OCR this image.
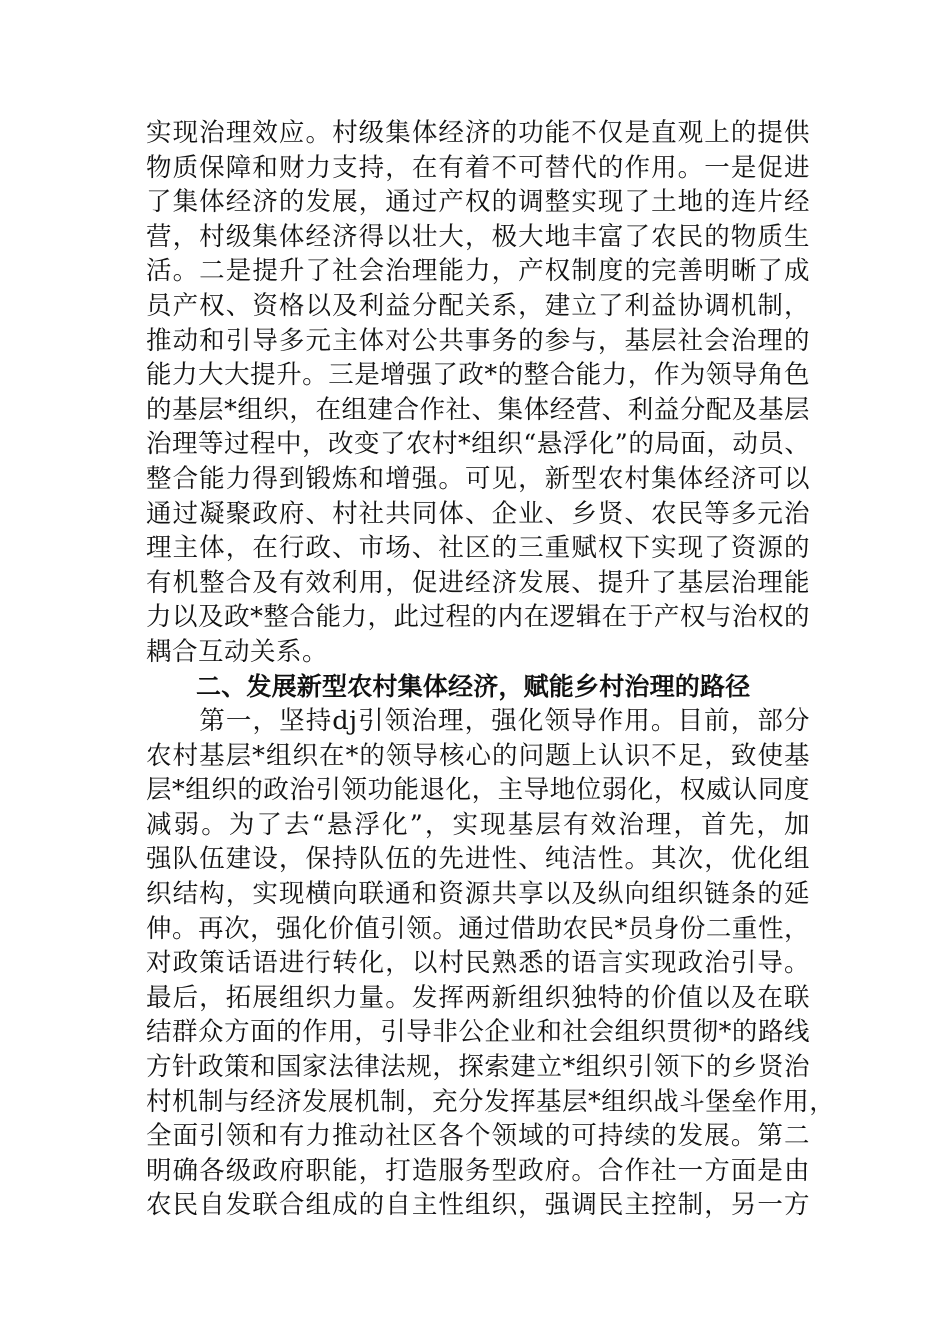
实现治理效应。村级集体经济的功能不仅是直观上的提供
物质保障和财力支持，在有着不可替代的作用。一是促进
了集体经济的发展，通过产权的调整实现了土地的连片经
营，村级集体经济得以壮大，极大地丰富了农民的物质生
活。二是提升了社会治理能力，产权制度的完善明晰了成
员产权、资格以及利益分配关系，建立了利益协调机制，
推动和引导多元主体对公共事务的参与，基层社会治理的
能力大大提升。三是增强了政*的整合能力，作为领导角色
的基层*组织，在组建合作社、集体经营、利益分配及基层
治理等过程中，改变了农村*组织“悬浮化”的局面，动员、
整合能力得到锻炼和增强。可见，新型农村集体经济可以
通过凝聚政府、村社共同体、企业、乡贤、农民等多元治
理主体，在行政、市场、社区的三重赋权下实现了资源的
有机整合及有效利用，促进经济发展、提升了基层治理能
力以及政*整合能力，此过程的内在逻辑在于产权与治权的
耦合互动关系。
二、发展新型农村集体经济，赋能乡村治理的路径
　　第一，坚持dj引领治理，强化领导作用。目前，部分
农村基层*组织在*的领导核心的问题上认识不足，致使基
层*组织的政治引领功能退化，主导地位弱化，权威认同度
减弱。为了去“悬浮化”，实现基层有效治理，首先，加
强队伍建设，保持队伍的先进性、纯洁性。其次，优化组
织结构，实现横向联通和资源共享以及纵向组织链条的延
伸。再次，强化价值引领。通过借助农民*员身份二重性，
对政策话语进行转化，以村民熟悉的语言实现政治引导。
最后，拓展组织力量。发挥两新组织独特的价值以及在联
结群众方面的作用，引导非公企业和社会组织贯彻*的路线
方针政策和国家法律法规，探索建立*组织引领下的乡贤治
村机制与经济发展机制，充分发挥基层*组织战斗堡垒作用，
全面引领和有力推动社区各个领域的可持续的发展。第二
明确各级政府职能，打造服务型政府。合作社一方面是由
农民自发联合组成的自主性组织，强调民主控制，另一方
